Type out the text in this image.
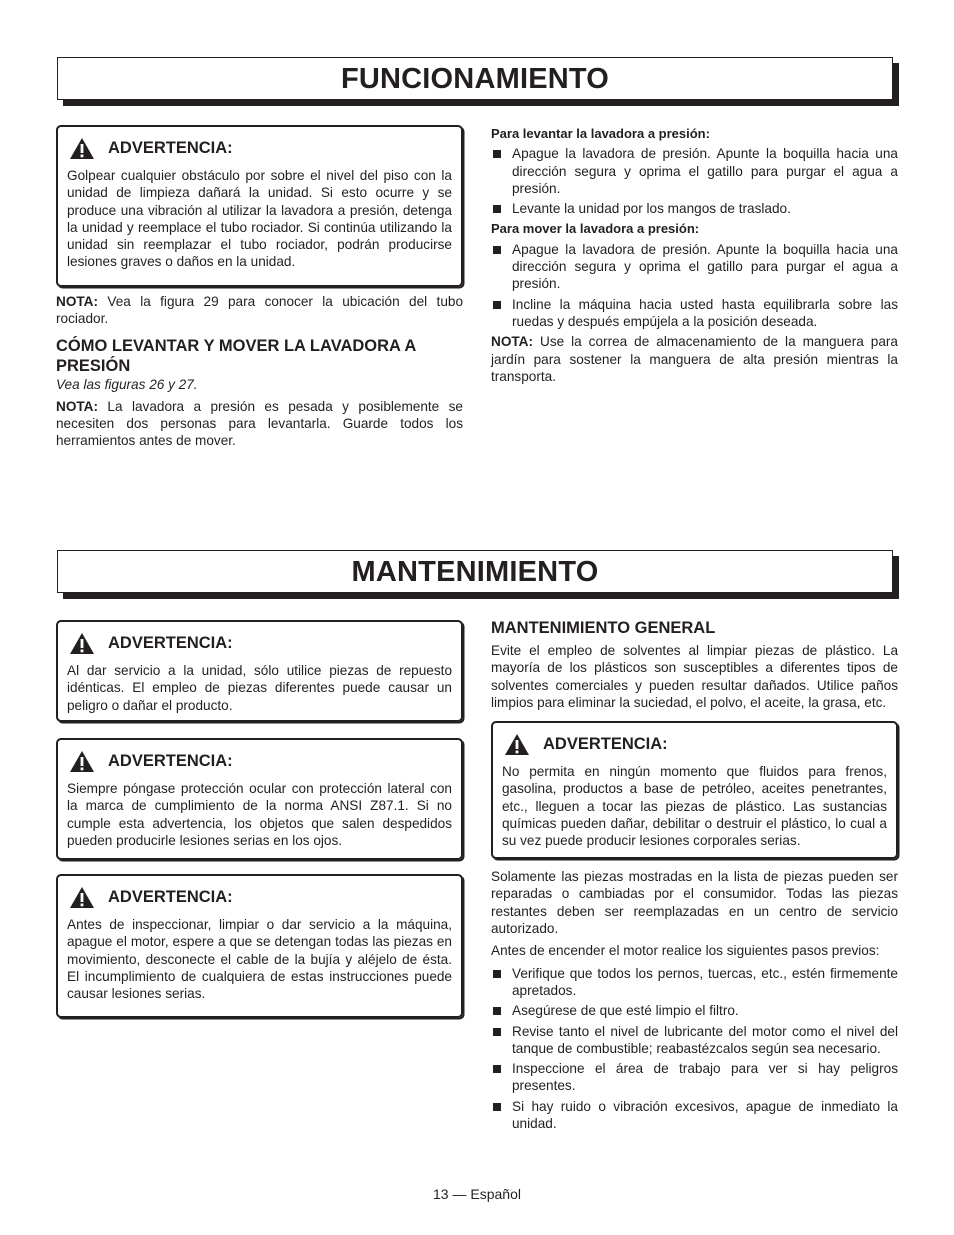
FUNCIONAMIENTO
ADVERTENCIA:
Golpear cualquier obstáculo por sobre el nivel del piso con la unidad de limpieza dañará la unidad. Si esto ocurre y se produce una vibración al utilizar la lavadora a presión, detenga la unidad y reemplace el tubo rociador. Si continúa utilizando la unidad sin reemplazar el tubo rociador, podrán producirse lesiones graves o daños en la unidad.

NOTA: Vea la figura 29 para conocer la ubicación del tubo rociador.

CÓMO LEVANTAR Y MOVER LA LAVADORA A PRESIÓN
Vea las figuras 26 y 27.

NOTA: La lavadora a presión es pesada y posiblemente se necesiten dos personas para levantarla. Guarde todos los herramientos antes de mover.

Para levantar la lavadora a presión:
Apague la lavadora de presión. Apunte la boquilla hacia una dirección segura y oprima el gatillo para purgar el agua a presión.
Levante la unidad por los mangos de traslado.
Para mover la lavadora a presión:
Apague la lavadora de presión. Apunte la boquilla hacia una dirección segura y oprima el gatillo para purgar el agua a presión.
Incline la máquina hacia usted hasta equilibrarla sobre las ruedas y después empújela a la posición deseada.

NOTA: Use la correa de almacenamiento de la manguera para jardín para sostener la manguera de alta presión mientras la transporta.

MANTENIMIENTO
ADVERTENCIA:
Al dar servicio a la unidad, sólo utilice piezas de repuesto idénticas. El empleo de piezas diferentes puede causar un peligro o dañar el producto.
ADVERTENCIA:
Siempre póngase protección ocular con protección lateral con la marca de cumplimiento de la norma ANSI Z87.1. Si no cumple esta advertencia, los objetos que salen despedidos pueden producirle lesiones serias en los ojos.
ADVERTENCIA:
Antes de inspeccionar, limpiar o dar servicio a la máquina, apague el motor, espere a que se detengan todas las piezas en movimiento, desconecte el cable de la bujía y aléjelo de ésta. El incumplimiento de cualquiera de estas instrucciones puede causar lesiones serias.
MANTENIMIENTO GENERAL

Evite el empleo de solventes al limpiar piezas de plástico. La mayoría de los plásticos son susceptibles a diferentes tipos de solventes comerciales y pueden resultar dañados. Utilice paños limpios para eliminar la suciedad, el polvo, el aceite, la grasa, etc.

ADVERTENCIA:
No permita en ningún momento que fluidos para frenos, gasolina, productos a base de petróleo, aceites penetrantes, etc., lleguen a tocar las piezas de plástico. Las sustancias químicas pueden dañar, debilitar o destruir el plástico, lo cual a su vez puede producir lesiones corporales serias.

Solamente las piezas mostradas en la lista de piezas pueden ser reparadas o cambiadas por el consumidor. Todas las piezas restantes deben ser reemplazadas en un centro de servicio autorizado.

Antes de encender el motor realice los siguientes pasos previos:

Verifique que todos los pernos, tuercas, etc., estén firmemente apretados.
Asegúrese de que esté limpio el filtro.
Revise tanto el nivel de lubricante del motor como el nivel del tanque de combustible; reabastézcalos según sea necesario.
Inspeccione el área de trabajo para ver si hay peligros presentes.
Si hay ruido o vibración excesivos, apague de inmediato la unidad.
13 — Español
